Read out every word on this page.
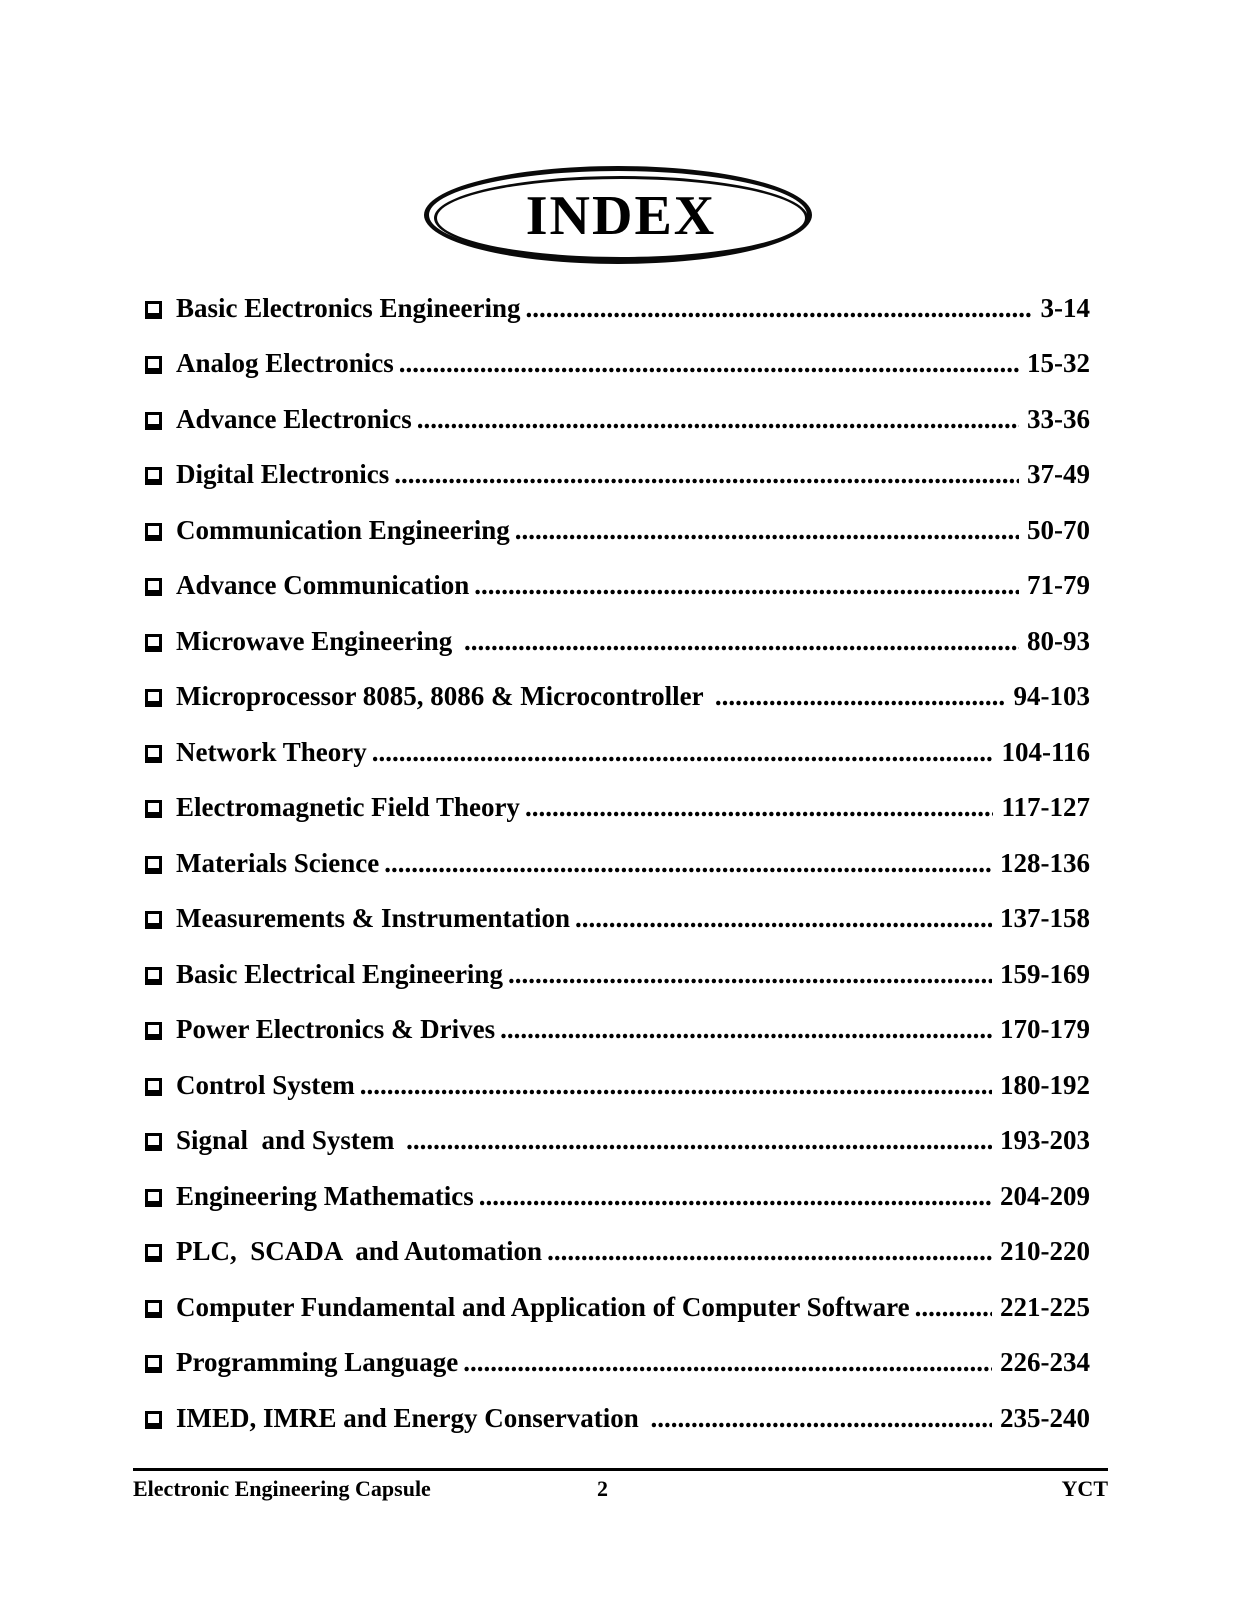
INDEX
Basic Electronics Engineering .....	3-14
Analog Electronics .....	15-32
Advance Electronics .....	33-36
Digital Electronics .....	37-49
Communication Engineering .....	50-70
Advance Communication .....	71-79
Microwave Engineering .....	80-93
Microprocessor 8085, 8086 & Microcontroller .....	94-103
Network Theory .....	104-116
Electromagnetic Field Theory .....	117-127
Materials Science .....	128-136
Measurements & Instrumentation .....	137-158
Basic Electrical Engineering .....	159-169
Power Electronics & Drives .....	170-179
Control System .....	180-192
Signal  and System .....	193-203
Engineering Mathematics .....	204-209
PLC,  SCADA  and Automation .....	210-220
Computer Fundamental and Application of Computer Software .....	221-225
Programming Language .....	226-234
IMED, IMRE and Energy Conservation .....	235-240
Electronic Engineering Capsule	2	YCT
